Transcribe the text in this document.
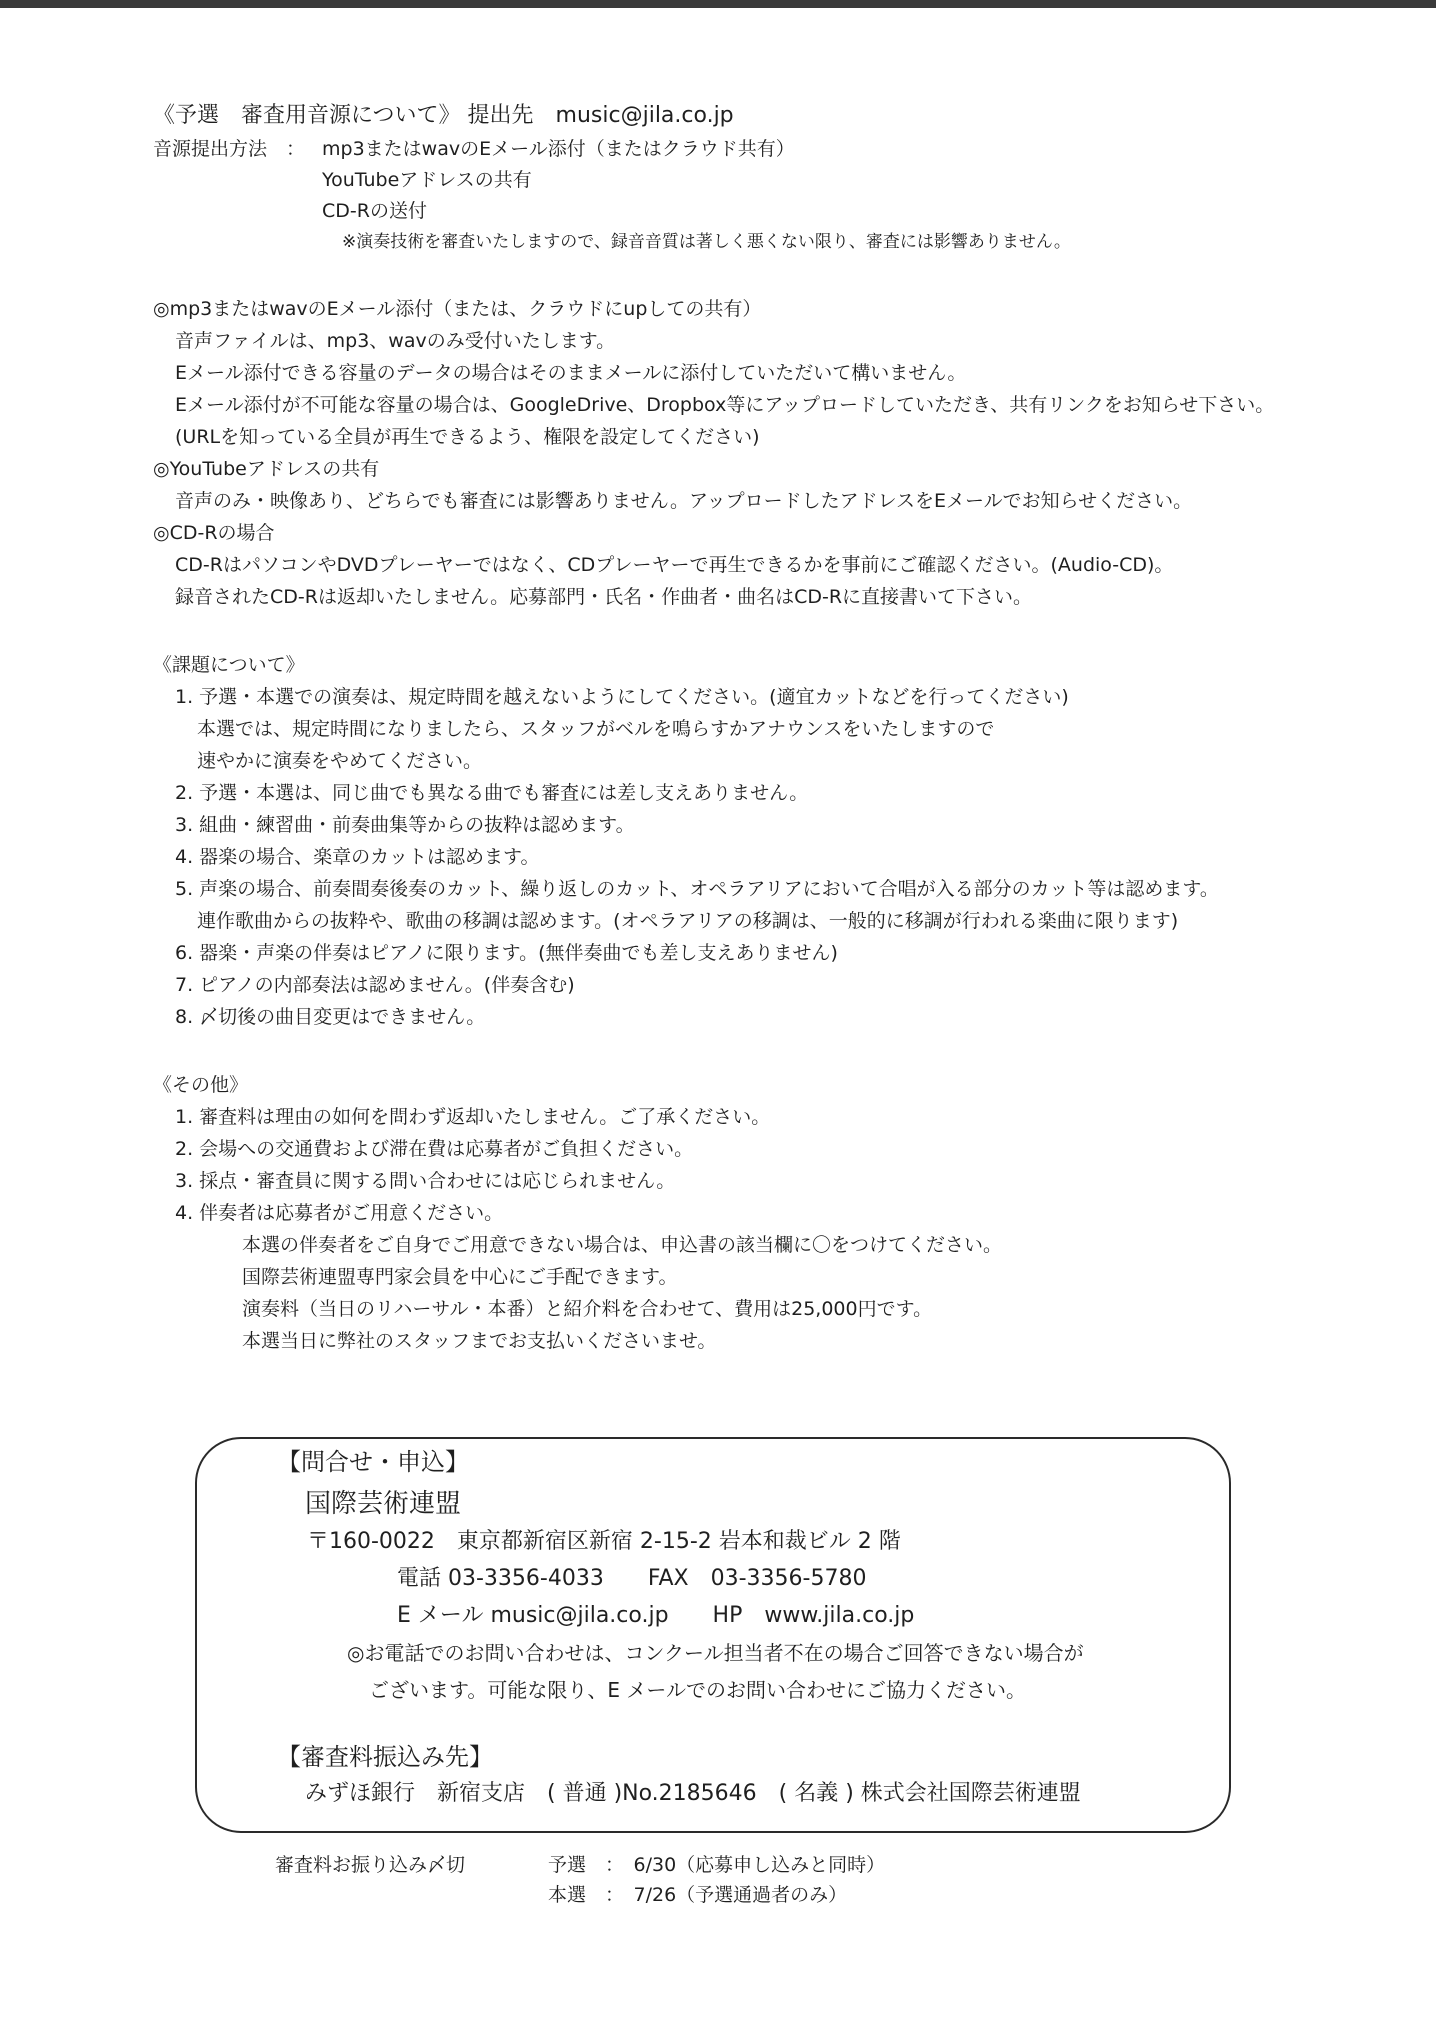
《予選　審査用音源について》 提出先　music@jila.co.jp
音源提出方法　： mp3またはwavのEメール添付（またはクラウド共有）
YouTubeアドレスの共有
CD-Rの送付
※演奏技術を審査いたしますので、録音音質は著しく悪くない限り、審査には影響ありません。
◎mp3またはwavのEメール添付（または、クラウドにupしての共有）
音声ファイルは、mp3、wavのみ受付いたします。
Eメール添付できる容量のデータの場合はそのままメールに添付していただいて構いません。
Eメール添付が不可能な容量の場合は、GoogleDrive、Dropbox等にアップロードしていただき、共有リンクをお知らせ下さい。
(URLを知っている全員が再生できるよう、権限を設定してください)
◎YouTubeアドレスの共有
音声のみ・映像あり、どちらでも審査には影響ありません。アップロードしたアドレスをEメールでお知らせください。
◎CD-Rの場合
CD-RはパソコンやDVDプレーヤーではなく、CDプレーヤーで再生できるかを事前にご確認ください。(Audio-CD)。
録音されたCD-Rは返却いたしません。応募部門・氏名・作曲者・曲名はCD-Rに直接書いて下さい。
《課題について》
1. 予選・本選での演奏は、規定時間を越えないようにしてください。(適宜カットなどを行ってください)
本選では、規定時間になりましたら、スタッフがベルを鳴らすかアナウンスをいたしますので
速やかに演奏をやめてください。
2. 予選・本選は、同じ曲でも異なる曲でも審査には差し支えありません。
3. 組曲・練習曲・前奏曲集等からの抜粋は認めます。
4. 器楽の場合、楽章のカットは認めます。
5. 声楽の場合、前奏間奏後奏のカット、繰り返しのカット、オペラアリアにおいて合唱が入る部分のカット等は認めます。
連作歌曲からの抜粋や、歌曲の移調は認めます。(オペラアリアの移調は、一般的に移調が行われる楽曲に限ります)
6. 器楽・声楽の伴奏はピアノに限ります。(無伴奏曲でも差し支えありません)
7. ピアノの内部奏法は認めません。(伴奏含む)
8. 〆切後の曲目変更はできません。
《その他》
1. 審査料は理由の如何を問わず返却いたしません。ご了承ください。
2. 会場への交通費および滞在費は応募者がご負担ください。
3. 採点・審査員に関する問い合わせには応じられません。
4. 伴奏者は応募者がご用意ください。
本選の伴奏者をご自身でご用意できない場合は、申込書の該当欄に〇をつけてください。
国際芸術連盟専門家会員を中心にご手配できます。
演奏料（当日のリハーサル・本番）と紹介料を合わせて、費用は25,000円です。
本選当日に弊社のスタッフまでお支払いくださいませ。
【問合せ・申込】
国際芸術連盟
〒160-0022　東京都新宿区新宿 2-15-2 岩本和裁ビル 2 階
電話 03-3356-4033　　FAX　03-3356-5780
E メール music@jila.co.jp　　HP　www.jila.co.jp
◎お電話でのお問い合わせは、コンクール担当者不在の場合ご回答できない場合が
ございます。可能な限り、E メールでのお問い合わせにご協力ください。
【審査料振込み先】
みずほ銀行　新宿支店　( 普通 )No.2185646　( 名義 ) 株式会社国際芸術連盟
審査料お振り込み〆切	予選　：　6/30（応募申し込みと同時）
本選　：　7/26（予選通過者のみ）
